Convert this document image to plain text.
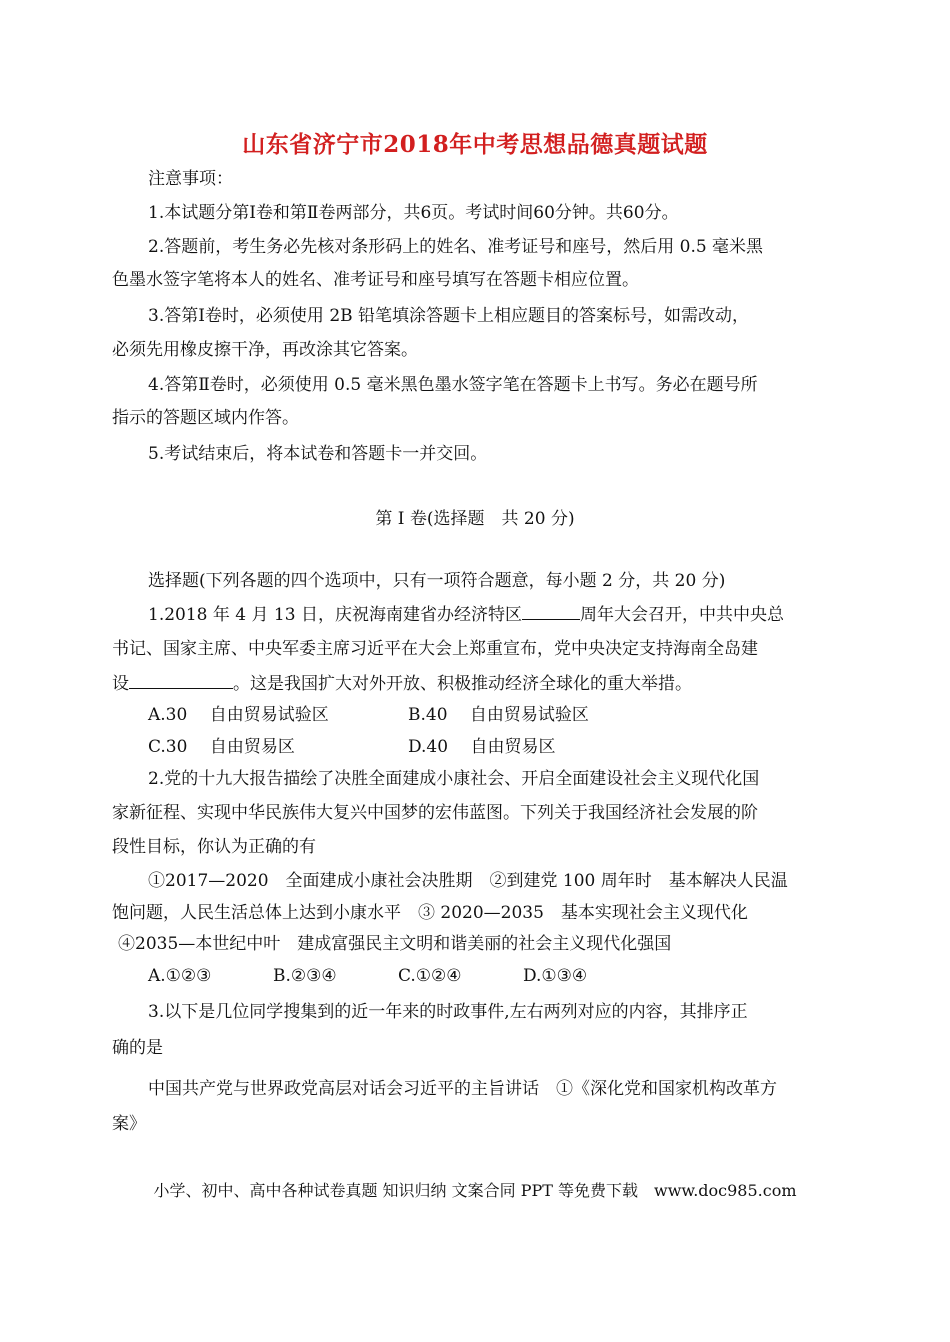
山东省济宁市2018年中考思想品德真题试题
注意事项：
1.本试题分第Ⅰ卷和第Ⅱ卷两部分，共6页。考试时间60分钟。共60分。
2.答题前，考生务必先核对条形码上的姓名、准考证号和座号，然后用 0.5 毫米黑
色墨水签字笔将本人的姓名、准考证号和座号填写在答题卡相应位置。
3.答第Ⅰ卷时，必须使用 2B 铅笔填涂答题卡上相应题目的答案标号，如需改动，
必须先用橡皮擦干净，再改涂其它答案。
4.答第Ⅱ卷时，必须使用 0.5 毫米黑色墨水签字笔在答题卡上书写。务必在题号所
指示的答题区域内作答。
5.考试结束后，将本试卷和答题卡一并交回。
第 I 卷(选择题　共 20 分)
选择题(下列各题的四个选项中，只有一项符合题意，每小题 2 分，共 20 分)
1.2018 年 4 月 13 日，庆祝海南建省办经济特区	周年大会召开，中共中央总
书记、国家主席、中央军委主席习近平在大会上郑重宣布，党中央决定支持海南全岛建
设	。这是我国扩大对外开放、积极推动经济全球化的重大举措。
A.30　 自由贸易试验区	B.40　 自由贸易试验区
C.30　 自由贸易区	D.40　 自由贸易区
2.党的十九大报告描绘了决胜全面建成小康社会、开启全面建设社会主义现代化国
家新征程、实现中华民族伟大复兴中国梦的宏伟蓝图。下列关于我国经济社会发展的阶
段性目标，你认为正确的有
①2017—2020　全面建成小康社会决胜期　②到建党 100 周年时　基本解决人民温
饱问题，人民生活总体上达到小康水平　③ 2020—2035　基本实现社会主义现代化
④2035—本世纪中叶　建成富强民主文明和谐美丽的社会主义现代化强国
A.①②③	B.②③④	C.①②④	D.①③④
3.以下是几位同学搜集到的近一年来的时政事件,左右两列对应的内容，其排序正
确的是
中国共产党与世界政党高层对话会习近平的主旨讲话　①《深化党和国家机构改革方
案》
小学、初中、高中各种试卷真题 知识归纳 文案合同 PPT 等免费下载　www.doc985.com
